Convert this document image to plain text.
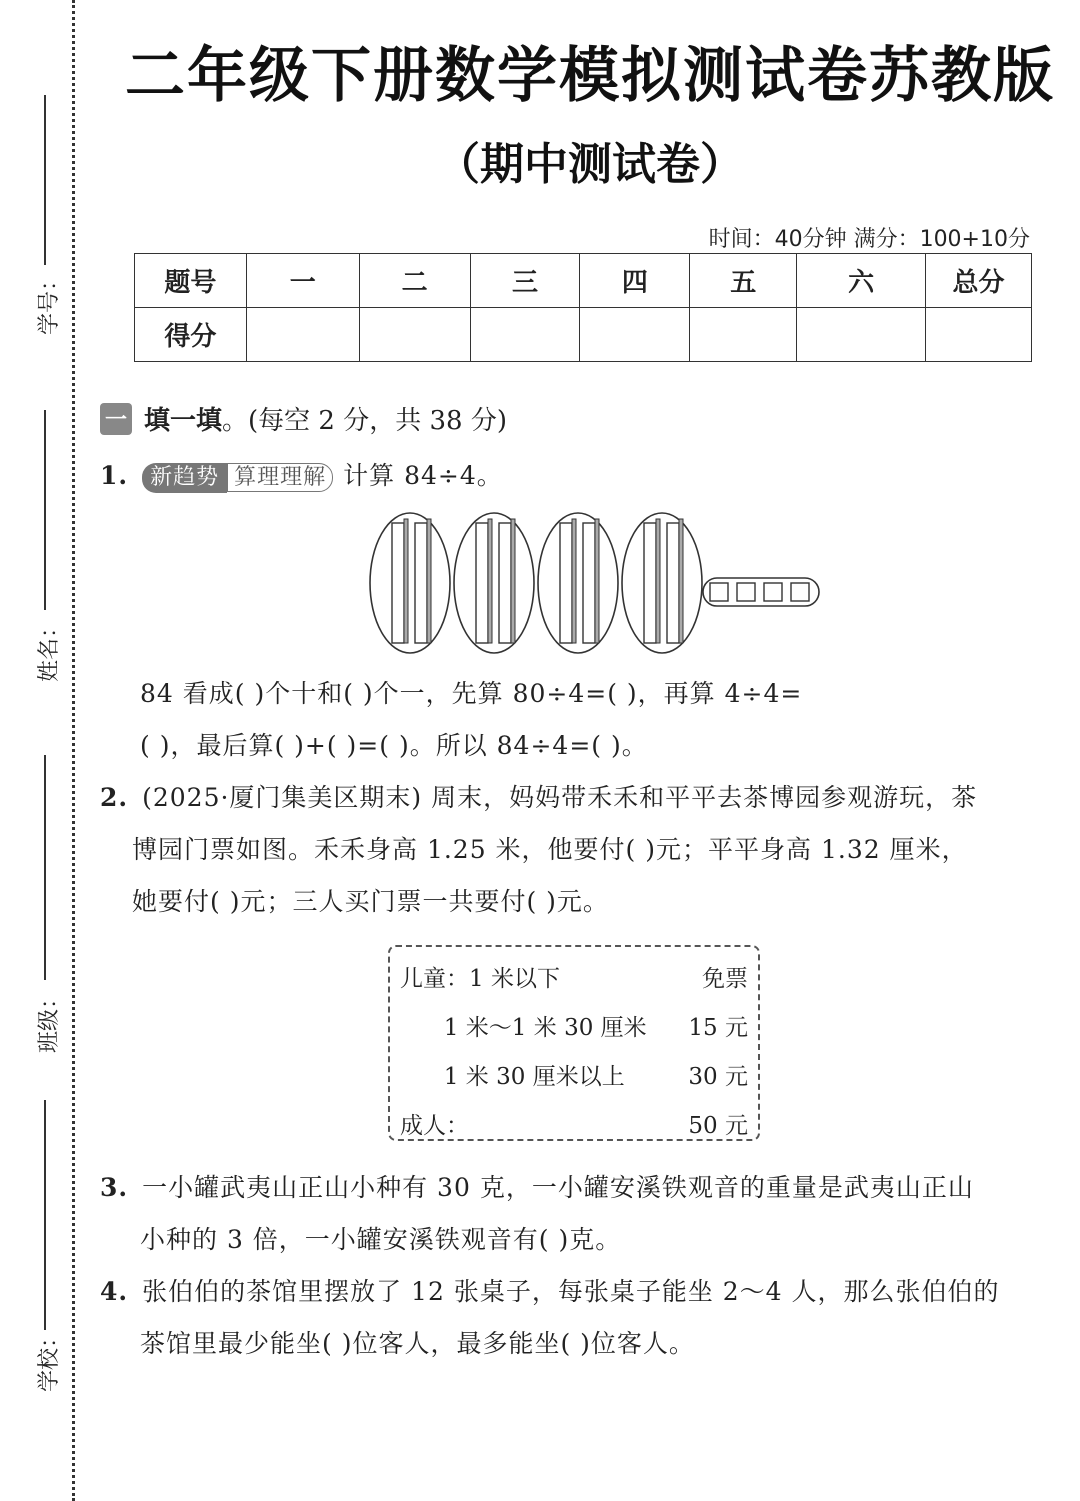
学号：
姓名：
班级：
学校：
二年级下册数学模拟测试卷苏教版
（期中测试卷）
时间：40分钟 满分：100+10分
题号	一	二	三	四	五	六	总分
得分							
一 填一填 。(每空 2 分，共 38 分)
1. 新趋势 算理理解 计算 84÷4。
84 看成( )个十和( )个一，先算 80÷4=( )，再算 4÷4=
( )，最后算( )+( )=( )。所以 84÷4=( )。
2. (2025·厦门集美区期末) 周末，妈妈带禾禾和平平去茶博园参观游玩，茶
博园门票如图。禾禾身高 1.25 米，他要付( )元；平平身高 1.32 厘米，
她要付( )元；三人买门票一共要付( )元。
儿童：1 米以下	免票
1 米～1 米 30 厘米 15 元
1 米 30 厘米以上	30 元
成人：	50 元
3. 一小罐武夷山正山小种有 30 克，一小罐安溪铁观音的重量是武夷山正山
小种的 3 倍，一小罐安溪铁观音有( )克。
4. 张伯伯的茶馆里摆放了 12 张桌子，每张桌子能坐 2～4 人，那么张伯伯的
茶馆里最少能坐( )位客人，最多能坐( )位客人。
